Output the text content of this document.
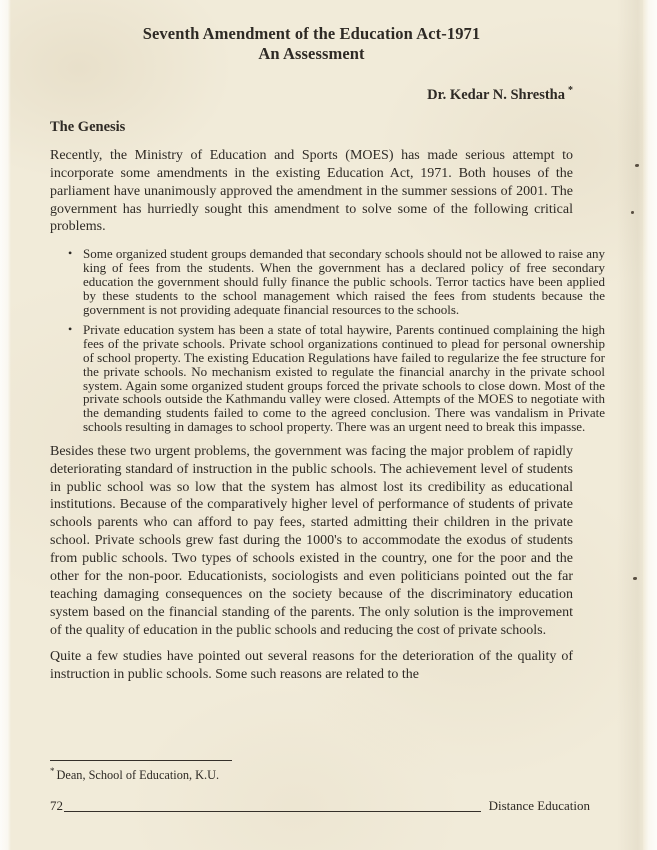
Seventh Amendment of the Education Act-1971
An Assessment
Dr. Kedar N. Shrestha *
The Genesis

Recently, the Ministry of Education and Sports (MOES) has made serious attempt to incorporate some amendments in the existing Education Act, 1971. Both houses of the parliament have unanimously approved the amendment in the summer sessions of 2001. The government has hurriedly sought this amendment to solve some of the following critical problems.

• Some organized student groups demanded that secondary schools should not be allowed to raise any king of fees from the students. When the government has a declared policy of free secondary education the government should fully finance the public schools. Terror tactics have been applied by these students to the school management which raised the fees from students because the government is not providing adequate financial resources to the schools.
• Private education system has been a state of total haywire, Parents continued complaining the high fees of the private schools. Private school organizations continued to plead for personal ownership of school property. The existing Education Regulations have failed to regularize the fee structure for the private schools. No mechanism existed to regulate the financial anarchy in the private school system. Again some organized student groups forced the private schools to close down. Most of the private schools outside the Kathmandu valley were closed. Attempts of the MOES to negotiate with the demanding students failed to come to the agreed conclusion. There was vandalism in Private schools resulting in damages to school property. There was an urgent need to break this impasse.

Besides these two urgent problems, the government was facing the major problem of rapidly deteriorating standard of instruction in the public schools. The achievement level of students in public school was so low that the system has almost lost its credibility as educational institutions. Because of the comparatively higher level of performance of students of private schools parents who can afford to pay fees, started admitting their children in the private school. Private schools grew fast during the 1000's to accommodate the exodus of students from public schools. Two types of schools existed in the country, one for the poor and the other for the non-poor. Educationists, sociologists and even politicians pointed out the far teaching damaging consequences on the society because of the discriminatory education system based on the financial standing of the parents. The only solution is the improvement of the quality of education in the public schools and reducing the cost of private schools.

Quite a few studies have pointed out several reasons for the deterioration of the quality of instruction in public schools. Some such reasons are related to the

* Dean, School of Education, K.U.
72	Distance Education
